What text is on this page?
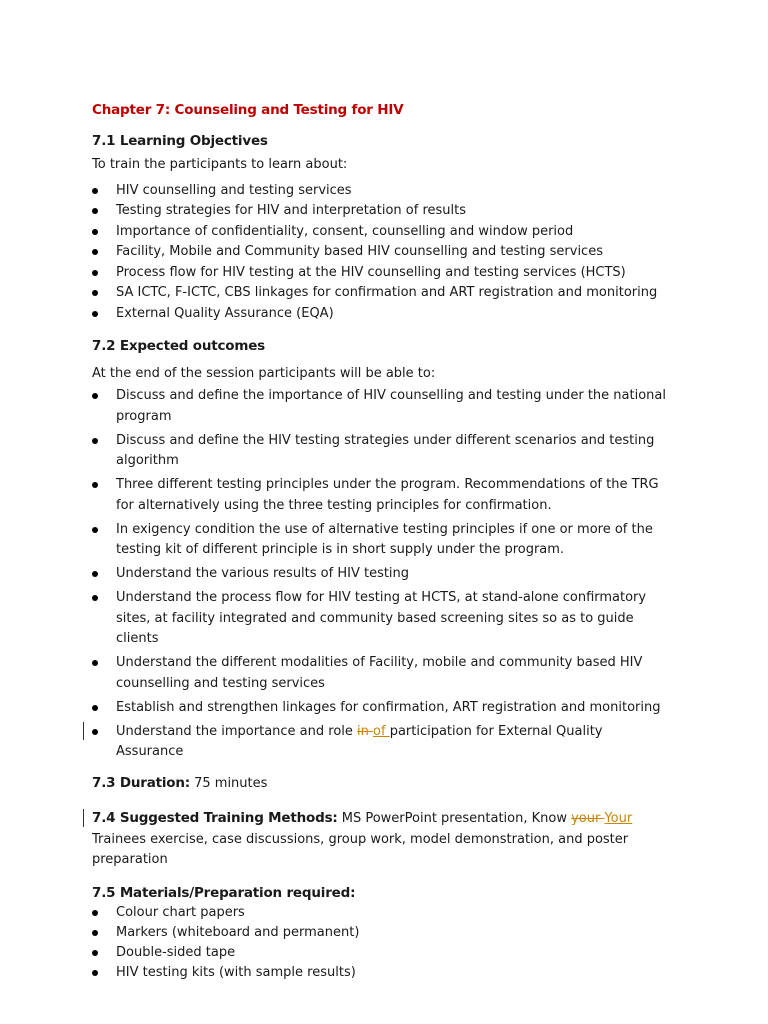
Chapter 7: Counseling and Testing for HIV
7.1 Learning Objectives
To train the participants to learn about:
HIV counselling and testing services
Testing strategies for HIV and interpretation of results
Importance of confidentiality, consent, counselling and window period
Facility, Mobile and Community based HIV counselling and testing services
Process flow for HIV testing at the HIV counselling and testing services (HCTS)
SA ICTC, F-ICTC, CBS linkages for confirmation and ART registration and monitoring
External Quality Assurance (EQA)
7.2 Expected outcomes
At the end of the session participants will be able to:
Discuss and define the importance of HIV counselling and testing under the national program
Discuss and define the HIV testing strategies under different scenarios and testing algorithm
Three different testing principles under the program. Recommendations of the TRG for alternatively using the three testing principles for confirmation.
In exigency condition the use of alternative testing principles if one or more of the testing kit of different principle is in short supply under the program.
Understand the various results of HIV testing
Understand the process flow for HIV testing at HCTS, at stand-alone confirmatory sites, at facility integrated and community based screening sites so as to guide clients
Understand the different modalities of Facility, mobile and community based HIV counselling and testing services
Establish and strengthen linkages for confirmation, ART registration and monitoring
Understand the importance and role in of participation for External Quality Assurance
7.3 Duration: 75 minutes
7.4 Suggested Training Methods: MS PowerPoint presentation, Know your Your Trainees exercise, case discussions, group work, model demonstration, and poster preparation
7.5 Materials/Preparation required:
Colour chart papers
Markers (whiteboard and permanent)
Double-sided tape
HIV testing kits (with sample results)
